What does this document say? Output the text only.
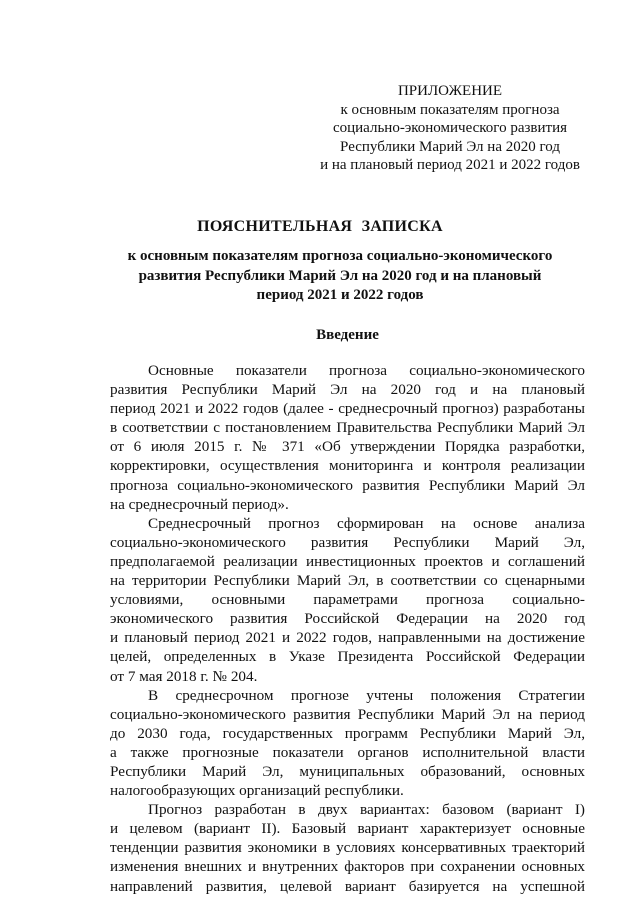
ПРИЛОЖЕНИЕ
к основным показателям прогноза
социально-экономического развития
Республики Марий Эл на 2020 год
и на плановый период 2021 и 2022 годов
ПОЯСНИТЕЛЬНАЯ ЗАПИСКА
к основным показателям прогноза социально-экономического
развития Республики Марий Эл на 2020 год и на плановый
период 2021 и 2022 годов
Введение

Основные показатели прогноза социально-экономического
развития Республики Марий Эл на 2020 год и на плановый
период 2021 и 2022 годов (далее - среднесрочный прогноз) разработаны
в соответствии с постановлением Правительства Республики Марий Эл
от 6 июля 2015 г. № 371 «Об утверждении Порядка разработки,
корректировки, осуществления мониторинга и контроля реализации
прогноза социально-экономического развития Республики Марий Эл
на среднесрочный период».

Среднесрочный прогноз сформирован на основе анализа
социально-экономического развития Республики Марий Эл,
предполагаемой реализации инвестиционных проектов и соглашений
на территории Республики Марий Эл, в соответствии со сценарными
условиями, основными параметрами прогноза социально-
экономического развития Российской Федерации на 2020 год
и плановый период 2021 и 2022 годов, направленными на достижение
целей, определенных в Указе Президента Российской Федерации
от 7 мая 2018 г. № 204.

В среднесрочном прогнозе учтены положения Стратегии
социально-экономического развития Республики Марий Эл на период
до 2030 года, государственных программ Республики Марий Эл,
а также прогнозные показатели органов исполнительной власти
Республики Марий Эл, муниципальных образований, основных
налогообразующих организаций республики.

Прогноз разработан в двух вариантах: базовом (вариант I)
и целевом (вариант II). Базовый вариант характеризует основные
тенденции развития экономики в условиях консервативных траекторий
изменения внешних и внутренних факторов при сохранении основных
направлений развития, целевой вариант базируется на успешной
